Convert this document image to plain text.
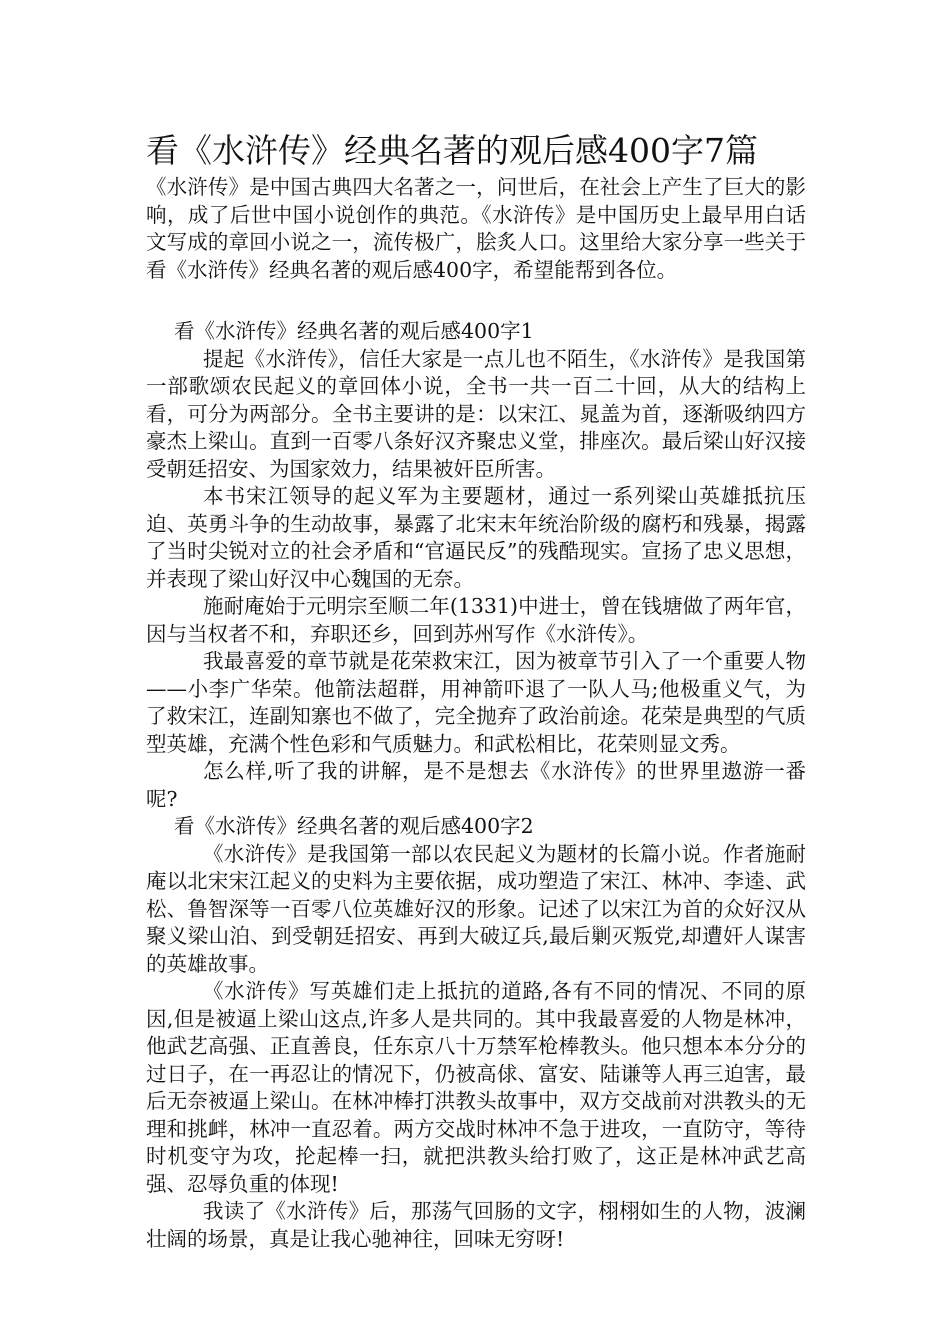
看《水浒传》经典名著的观后感400字7篇

《水浒传》是中国古典四大名著之一，问世后，在社会上产生了巨大的影响，成了后世中国小说创作的典范。《水浒传》是中国历史上最早用白话文写成的章回小说之一，流传极广，脍炙人口。这里给大家分享一些关于看《水浒传》经典名著的观后感400字，希望能帮到各位。

看《水浒传》经典名著的观后感400字1

提起《水浒传》，信任大家是一点儿也不陌生，《水浒传》是我国第一部歌颂农民起义的章回体小说，全书一共一百二十回，从大的结构上看，可分为两部分。全书主要讲的是：以宋江、晁盖为首，逐渐吸纳四方豪杰上梁山。直到一百零八条好汉齐聚忠义堂，排座次。最后梁山好汉接受朝廷招安、为国家效力，结果被奸臣所害。

本书宋江领导的起义军为主要题材，通过一系列梁山英雄抵抗压迫、英勇斗争的生动故事，暴露了北宋末年统治阶级的腐朽和残暴，揭露了当时尖锐对立的社会矛盾和“官逼民反”的残酷现实。宣扬了忠义思想，并表现了梁山好汉中心魏国的无奈。

施耐庵始于元明宗至顺二年(1331)中进士，曾在钱塘做了两年官，因与当权者不和，弃职还乡，回到苏州写作《水浒传》。

我最喜爱的章节就是花荣救宋江，因为被章节引入了一个重要人物——小李广华荣。他箭法超群，用神箭吓退了一队人马;他极重义气，为了救宋江，连副知寨也不做了，完全抛弃了政治前途。花荣是典型的气质型英雄，充满个性色彩和气质魅力。和武松相比，花荣则显文秀。

怎么样,听了我的讲解，是不是想去《水浒传》的世界里遨游一番呢?

看《水浒传》经典名著的观后感400字2

《水浒传》是我国第一部以农民起义为题材的长篇小说。作者施耐庵以北宋宋江起义的史料为主要依据，成功塑造了宋江、林冲、李逵、武松、鲁智深等一百零八位英雄好汉的形象。记述了以宋江为首的众好汉从聚义梁山泊、到受朝廷招安、再到大破辽兵,最后剿灭叛党,却遭奸人谋害的英雄故事。

《水浒传》写英雄们走上抵抗的道路,各有不同的情况、不同的原因,但是被逼上梁山这点,许多人是共同的。其中我最喜爱的人物是林冲，他武艺高强、正直善良，任东京八十万禁军枪棒教头。他只想本本分分的过日子，在一再忍让的情况下，仍被高俅、富安、陆谦等人再三迫害，最后无奈被逼上梁山。在林冲棒打洪教头故事中，双方交战前对洪教头的无理和挑衅，林冲一直忍着。两方交战时林冲不急于进攻，一直防守，等待时机变守为攻，抡起棒一扫，就把洪教头给打败了，这正是林冲武艺高强、忍辱负重的体现!

我读了《水浒传》后，那荡气回肠的文字，栩栩如生的人物，波澜壮阔的场景，真是让我心驰神往，回味无穷呀!
